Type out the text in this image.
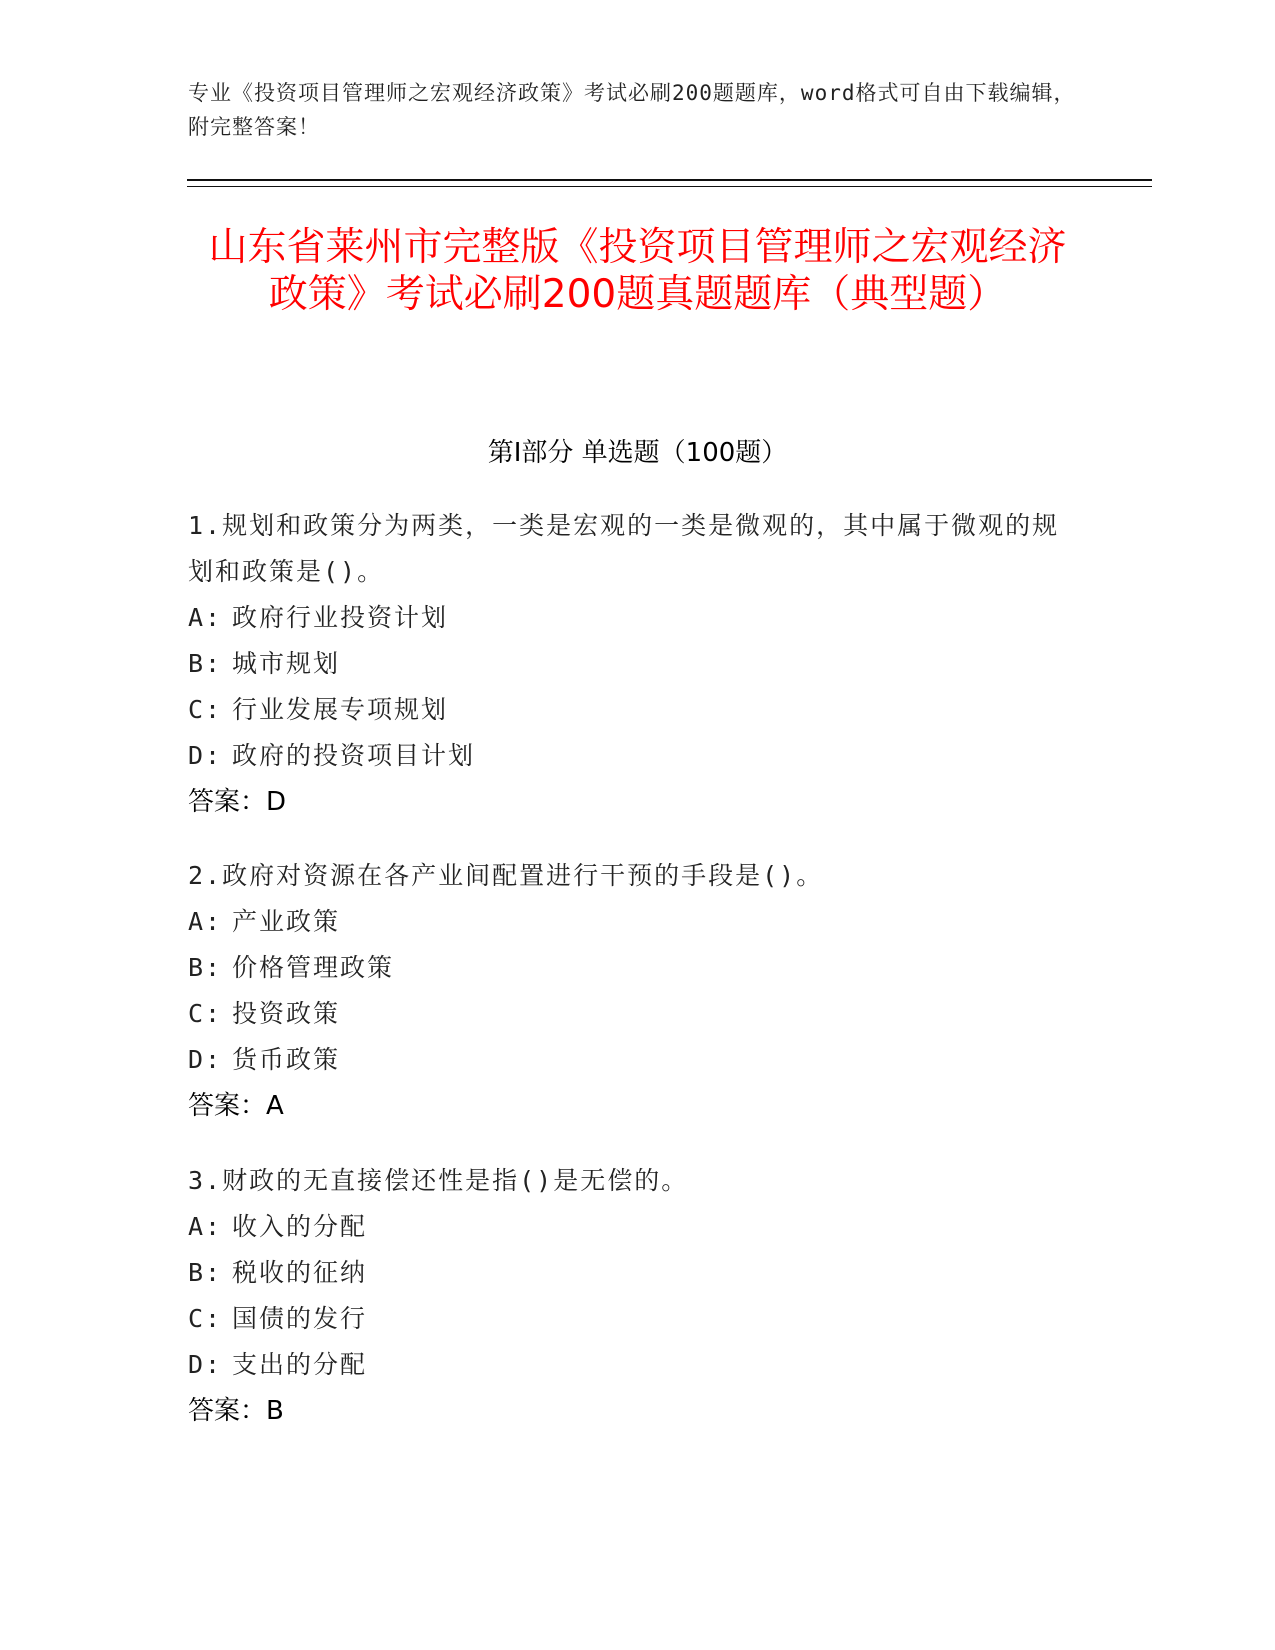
专业《投资项目管理师之宏观经济政策》考试必刷200题题库，word格式可自由下载编辑，附完整答案！
山东省莱州市完整版《投资项目管理师之宏观经济政策》考试必刷200题真题题库（典型题）
第I部分 单选题（100题）

1.规划和政策分为两类，一类是宏观的一类是微观的，其中属于微观的规划和政策是()。

A: 政府行业投资计划
B: 城市规划
C: 行业发展专项规划
D: 政府的投资项目计划
答案：D

2.政府对资源在各产业间配置进行干预的手段是()。

A: 产业政策
B: 价格管理政策
C: 投资政策
D: 货币政策
答案：A

3.财政的无直接偿还性是指()是无偿的。

A: 收入的分配
B: 税收的征纳
C: 国债的发行
D: 支出的分配
答案：B
